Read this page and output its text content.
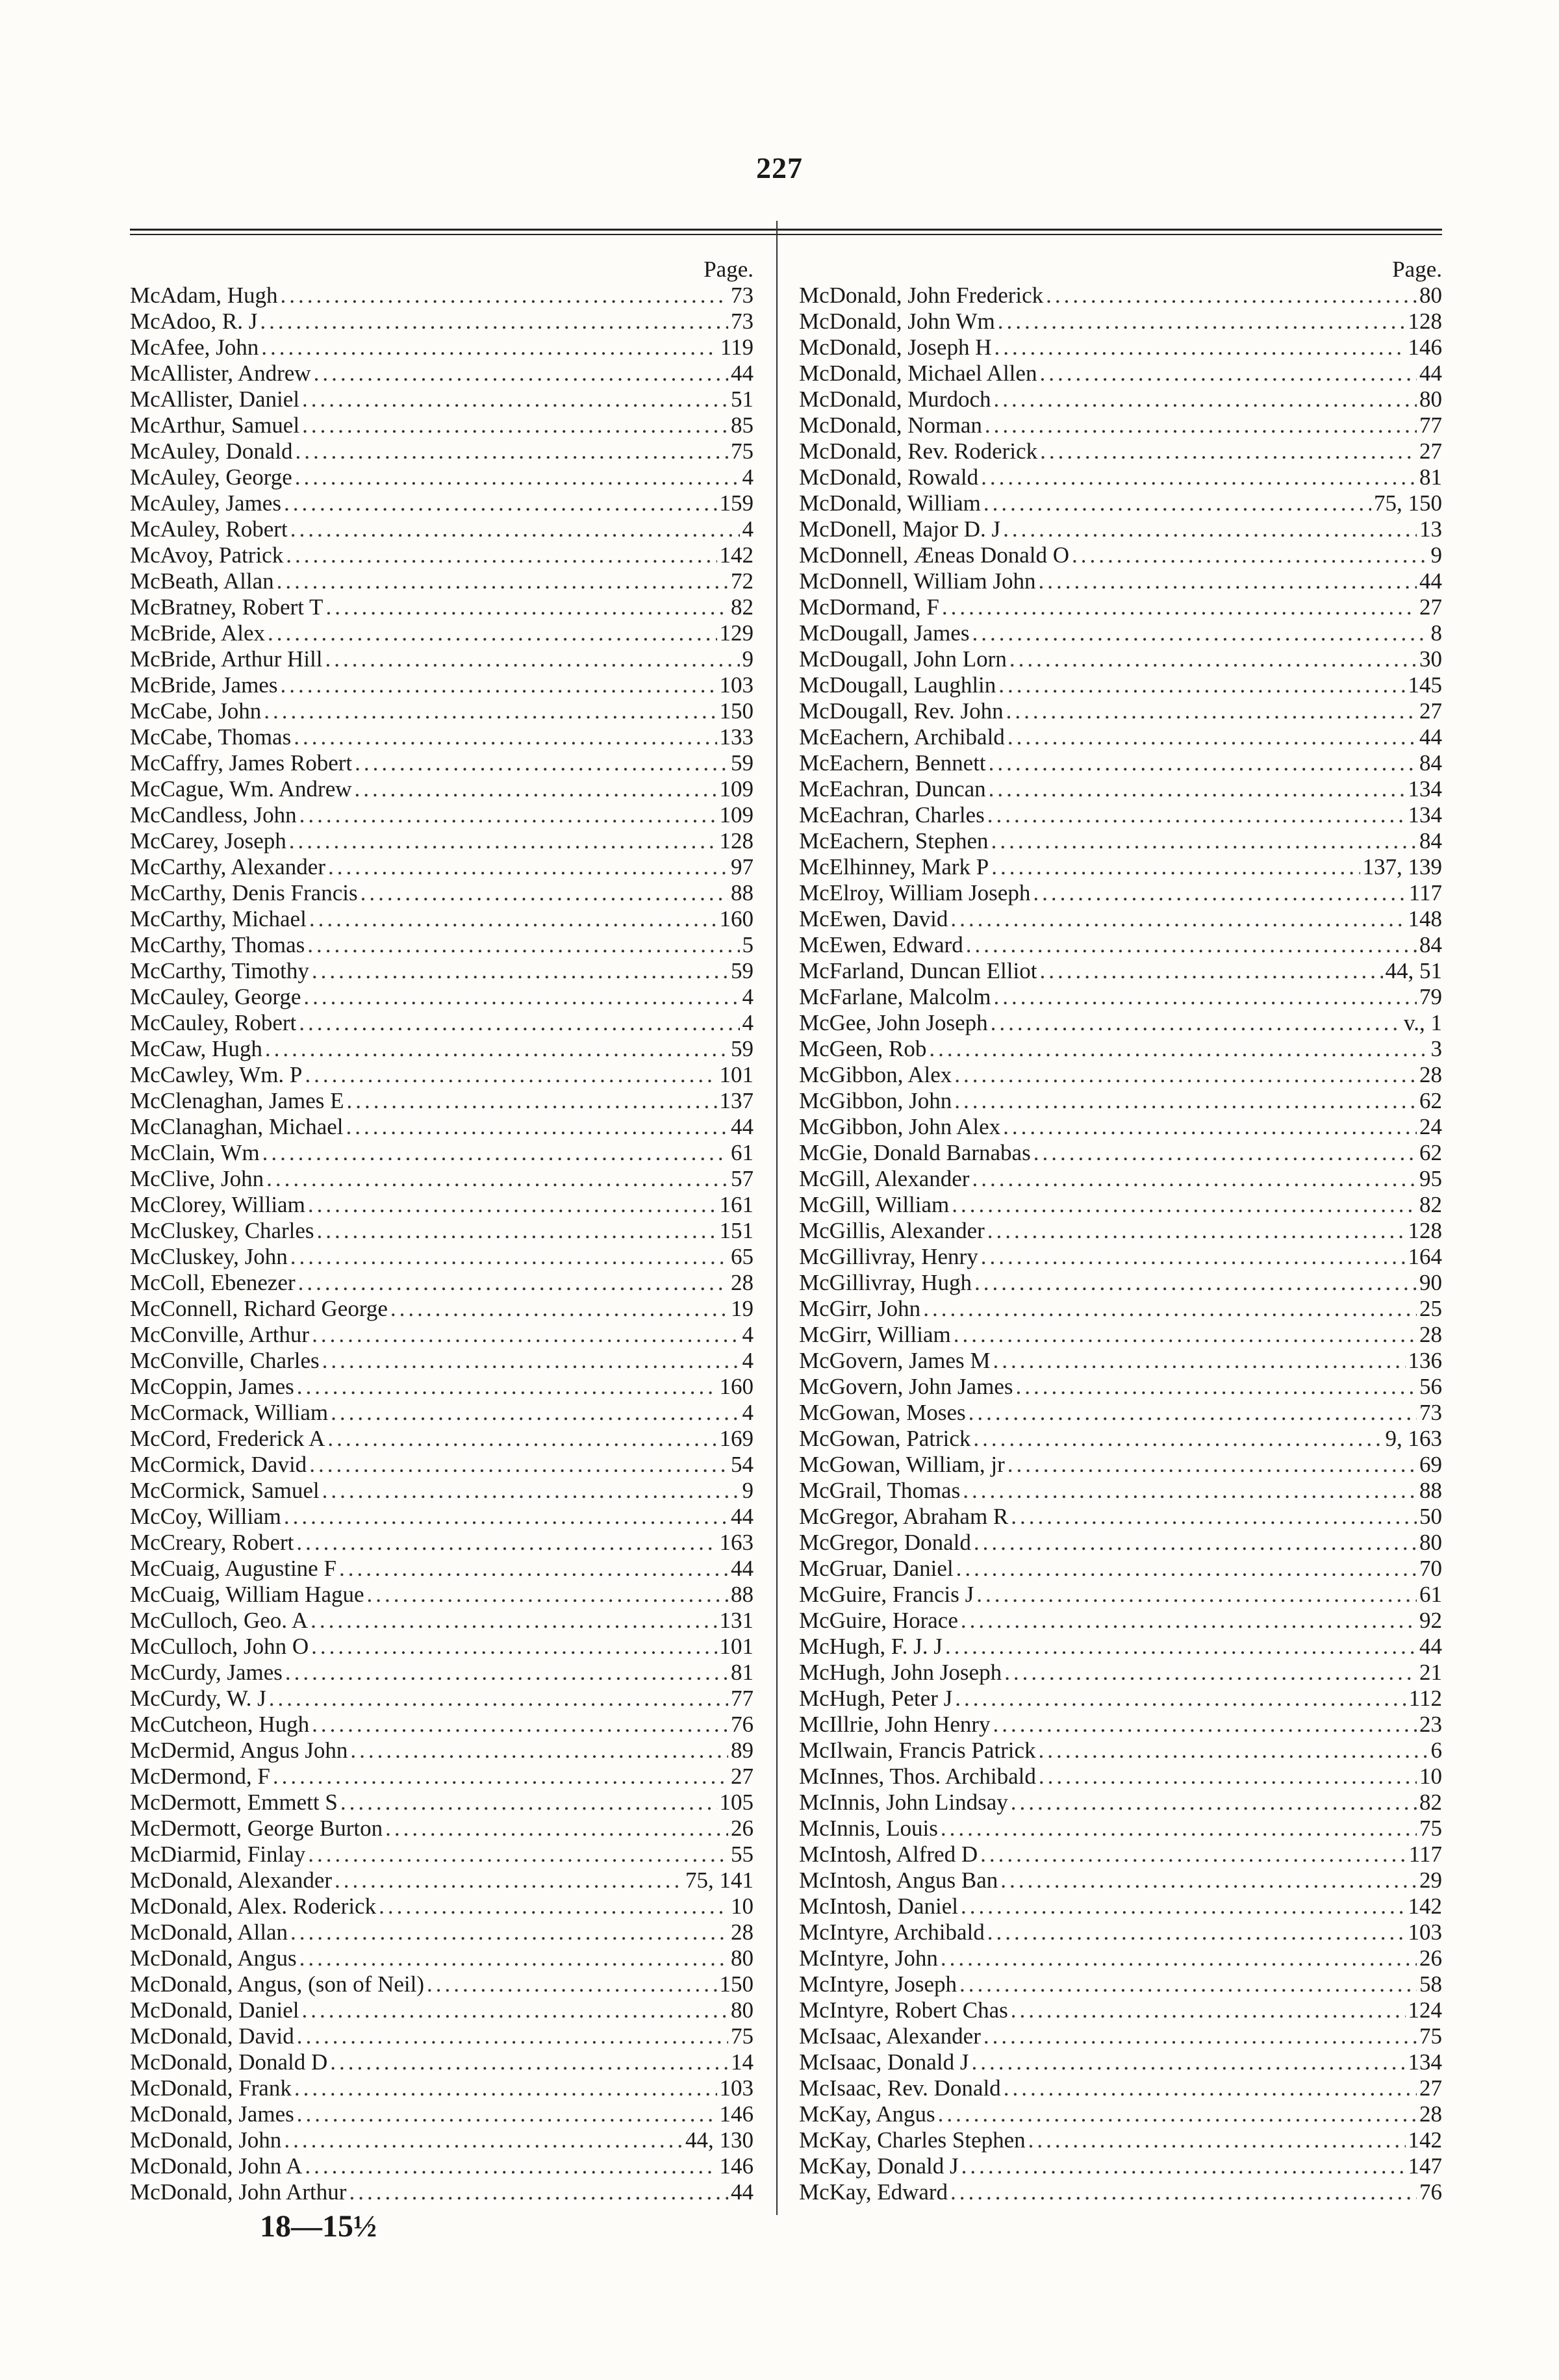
227
Page.
McAdam, Hugh .....	73
McAdoo, R. J .....	73
McAfee, John .....	119
McAllister, Andrew .....	44
McAllister, Daniel .....	51
McArthur, Samuel .....	85
McAuley, Donald .....	75
McAuley, George .....	4
McAuley, James .....	159
McAuley, Robert .....	4
McAvoy, Patrick .....	142
McBeath, Allan .....	72
McBratney, Robert T .....	82
McBride, Alex .....	129
McBride, Arthur Hill .....	9
McBride, James .....	103
McCabe, John .....	150
McCabe, Thomas .....	133
McCaffry, James Robert .....	59
McCague, Wm. Andrew .....	109
McCandless, John .....	109
McCarey, Joseph .....	128
McCarthy, Alexander .....	97
McCarthy, Denis Francis .....	88
McCarthy, Michael .....	160
McCarthy, Thomas .....	5
McCarthy, Timothy .....	59
McCauley, George .....	4
McCauley, Robert .....	4
McCaw, Hugh .....	59
McCawley, Wm. P .....	101
McClenaghan, James E .....	137
McClanaghan, Michael .....	44
McClain, Wm .....	61
McClive, John .....	57
McClorey, William .....	161
McCluskey, Charles .....	151
McCluskey, John .....	65
McColl, Ebenezer .....	28
McConnell, Richard George .....	19
McConville, Arthur .....	4
McConville, Charles .....	4
McCoppin, James .....	160
McCormack, William .....	4
McCord, Frederick A .....	169
McCormick, David .....	54
McCormick, Samuel .....	9
McCoy, William .....	44
McCreary, Robert .....	163
McCuaig, Augustine F .....	44
McCuaig, William Hague .....	88
McCulloch, Geo. A .....	131
McCulloch, John O .....	101
McCurdy, James .....	81
McCurdy, W. J .....	77
McCutcheon, Hugh .....	76
McDermid, Angus John .....	89
McDermond, F .....	27
McDermott, Emmett S .....	105
McDermott, George Burton .....	26
McDiarmid, Finlay .....	55
McDonald, Alexander .....	75, 141
McDonald, Alex. Roderick .....	10
McDonald, Allan .....	28
McDonald, Angus .....	80
McDonald, Angus, (son of Neil) .....	150
McDonald, Daniel .....	80
McDonald, David .....	75
McDonald, Donald D .....	14
McDonald, Frank .....	103
McDonald, James .....	146
McDonald, John .....	44, 130
McDonald, John A .....	146
McDonald, John Arthur .....	44
Page.
McDonald, John Frederick .....	80
McDonald, John Wm .....	128
McDonald, Joseph H .....	146
McDonald, Michael Allen .....	44
McDonald, Murdoch .....	80
McDonald, Norman .....	77
McDonald, Rev. Roderick .....	27
McDonald, Rowald .....	81
McDonald, William .....	75, 150
McDonell, Major D. J .....	13
McDonnell, Æneas Donald O .....	9
McDonnell, William John .....	44
McDormand, F .....	27
McDougall, James .....	8
McDougall, John Lorn .....	30
McDougall, Laughlin .....	145
McDougall, Rev. John .....	27
McEachern, Archibald .....	44
McEachern, Bennett .....	84
McEachran, Duncan .....	134
McEachran, Charles .....	134
McEachern, Stephen .....	84
McElhinney, Mark P .....	137, 139
McElroy, William Joseph .....	117
McEwen, David .....	148
McEwen, Edward .....	84
McFarland, Duncan Elliot .....	44, 51
McFarlane, Malcolm .....	79
McGee, John Joseph .....	v., 1
McGeen, Rob .....	3
McGibbon, Alex .....	28
McGibbon, John .....	62
McGibbon, John Alex .....	24
McGie, Donald Barnabas .....	62
McGill, Alexander .....	95
McGill, William .....	82
McGillis, Alexander .....	128
McGillivray, Henry .....	164
McGillivray, Hugh .....	90
McGirr, John .....	25
McGirr, William .....	28
McGovern, James M .....	136
McGovern, John James .....	56
McGowan, Moses .....	73
McGowan, Patrick .....	9, 163
McGowan, William, jr .....	69
McGrail, Thomas .....	88
McGregor, Abraham R .....	50
McGregor, Donald .....	80
McGruar, Daniel .....	70
McGuire, Francis J .....	61
McGuire, Horace .....	92
McHugh, F. J. J .....	44
McHugh, John Joseph .....	21
McHugh, Peter J .....	112
McIllrie, John Henry .....	23
McIlwain, Francis Patrick .....	6
McInnes, Thos. Archibald .....	10
McInnis, John Lindsay .....	82
McInnis, Louis .....	75
McIntosh, Alfred D .....	117
McIntosh, Angus Ban .....	29
McIntosh, Daniel .....	142
McIntyre, Archibald .....	103
McIntyre, John .....	26
McIntyre, Joseph .....	58
McIntyre, Robert Chas .....	124
McIsaac, Alexander .....	75
McIsaac, Donald J .....	134
McIsaac, Rev. Donald .....	27
McKay, Angus .....	28
McKay, Charles Stephen .....	142
McKay, Donald J .....	147
McKay, Edward .....	76
18—15½
